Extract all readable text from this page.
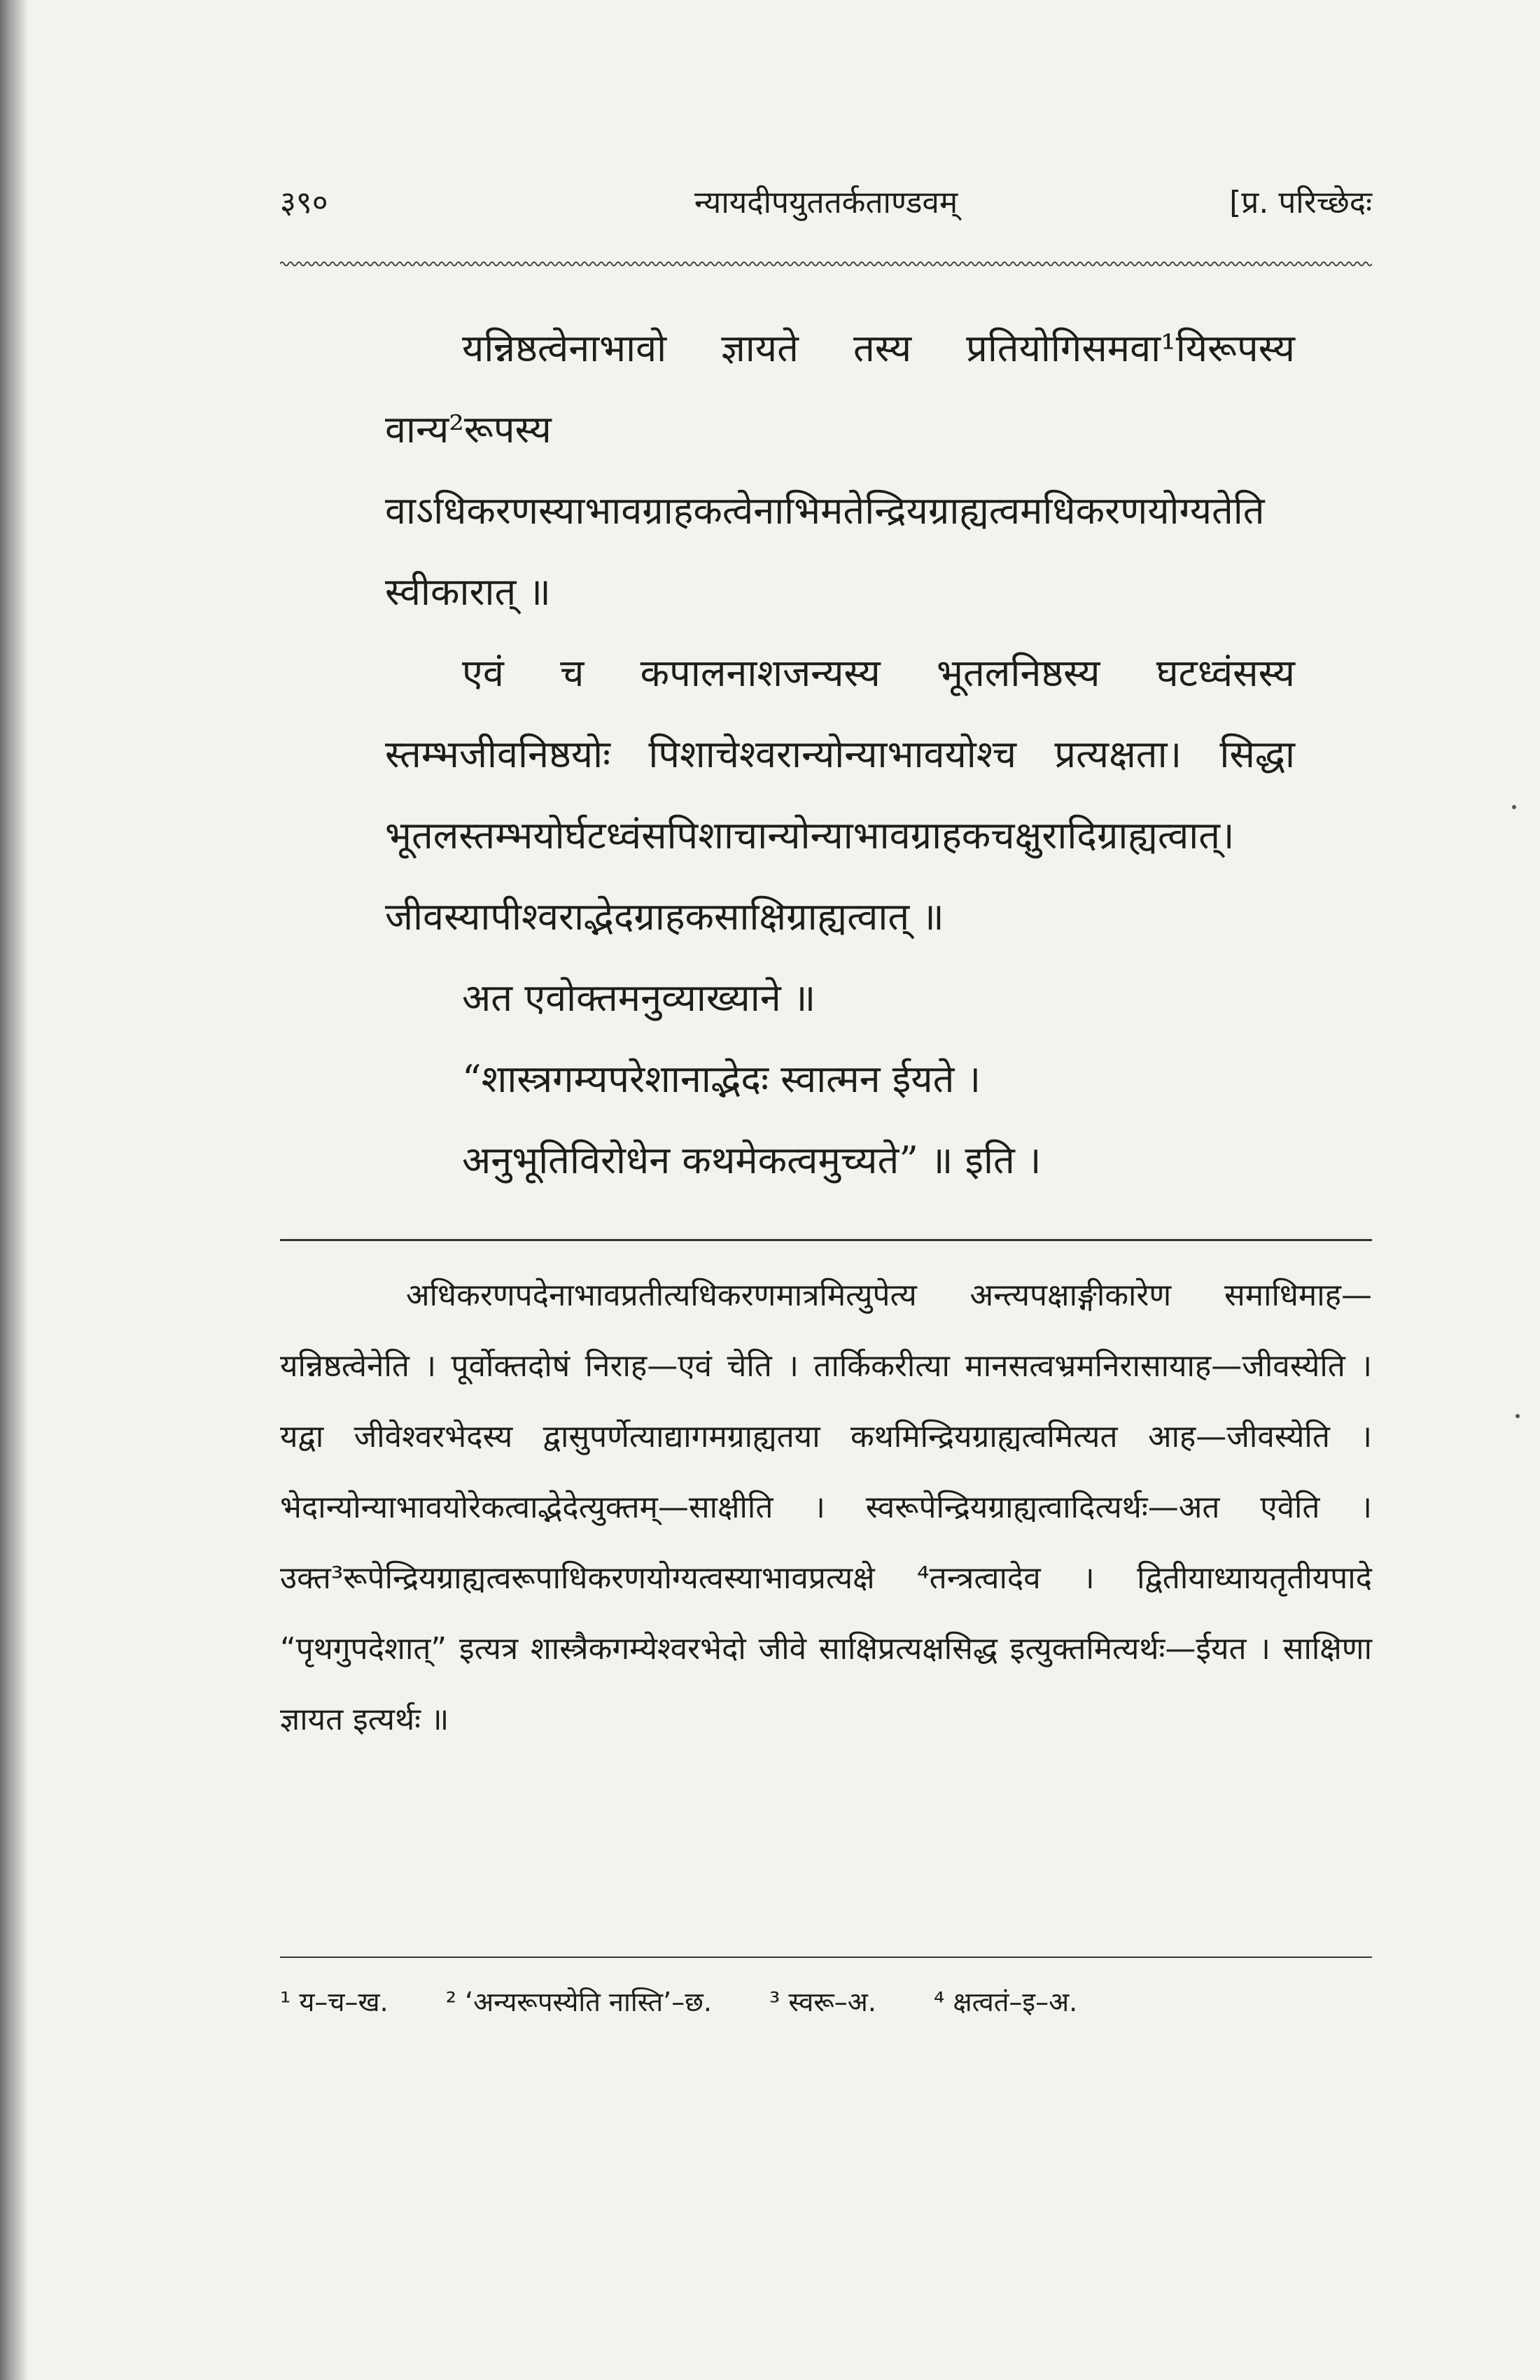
३९०	न्यायदीपयुततर्कताण्डवम्	[प्र. परिच्छेदः

यन्निष्ठत्वेनाभावो ज्ञायते तस्य प्रतियोगिसमवा¹यिरूपस्य वान्य²रूपस्य वाऽधिकरणस्याभावग्राहकत्वेनाभिमतेन्द्रियग्राह्यत्वमधिकरणयोग्यतेति स्वीकारात् ॥

एवं च कपालनाशजन्यस्य भूतलनिष्ठस्य घटध्वंसस्य स्तम्भजीवनिष्ठयोः पिशाचेश्वरान्योन्याभावयोश्च प्रत्यक्षता। सिद्धा भूतलस्तम्भयोर्घटध्वंसपिशाचान्योन्याभावग्राहकचक्षुरादिग्राह्यत्वात्। जीवस्यापीश्वराद्भेदग्राहकसाक्षिग्राह्यत्वात् ॥

अत एवोक्तमनुव्याख्याने ॥

“शास्त्रगम्यपरेशानाद्भेदः स्वात्मन ईयते ।

अनुभूतिविरोधेन कथमेकत्वमुच्यते” ॥ इति ।

अधिकरणपदेनाभावप्रतीत्यधिकरणमात्रमित्युपेत्य अन्त्यपक्षाङ्गीकारेण समाधिमाह—यन्निष्ठत्वेनेति । पूर्वोक्तदोषं निराह—एवं चेति । तार्किकरीत्या मानसत्वभ्रमनिरासायाह—जीवस्येति । यद्वा जीवेश्वरभेदस्य द्वासुपर्णेत्याद्यागमग्राह्यतया कथमिन्द्रियग्राह्यत्वमित्यत आह—जीवस्येति । भेदान्योन्याभावयोरेकत्वाद्भेदेत्युक्तम्—साक्षीति । स्वरूपेन्द्रियग्राह्यत्वादित्यर्थः—अत एवेति । उक्त³रूपेन्द्रियग्राह्यत्वरूपाधिकरणयोग्यत्वस्याभावप्रत्यक्षे ⁴तन्त्रत्वादेव । द्वितीयाध्यायतृतीयपादे “पृथगुपदेशात्” इत्यत्र शास्त्रैकगम्येश्वरभेदो जीवे साक्षिप्रत्यक्षसिद्ध इत्युक्तमित्यर्थः—ईयत । साक्षिणा ज्ञायत इत्यर्थः ॥

¹ य–च–ख. ² ‘अन्यरूपस्येति नास्ति’–छ. ³ स्वरू–अ. ⁴ क्षत्वतं–इ–अ.
